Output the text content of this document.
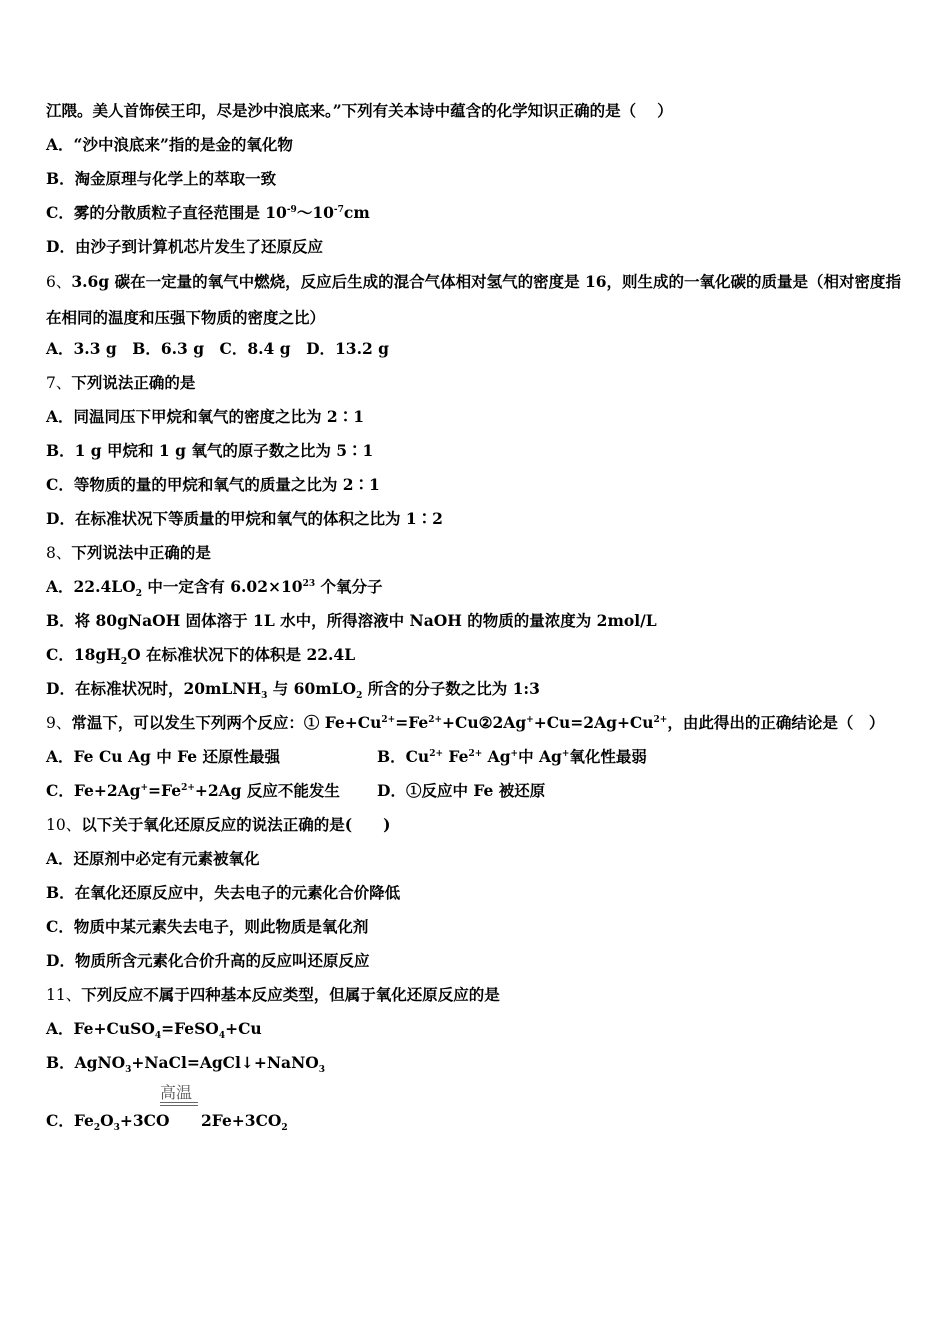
江隈。美人首饰侯王印，尽是沙中浪底来。”下列有关本诗中蕴含的化学知识正确的是（　 ）
A．“沙中浪底来”指的是金的氧化物
B．淘金原理与化学上的萃取一致
C．雾的分散质粒子直径范围是 $10^{-9}\sim 10^{-7}cm$
D．由沙子到计算机芯片发生了还原反应
6、3.6g 碳在一定量的氧气中燃烧，反应后生成的混合气体相对氢气的密度是 16，则生成的一氧化碳的质量是（相对密度指在相同的温度和压强下物质的密度之比）
A．3.3 g　B．6.3 g　C．8.4 g　D．13.2 g
7、下列说法正确的是
A．同温同压下甲烷和氧气的密度之比为 2∶1
B．1 g 甲烷和 1 g 氧气的原子数之比为 5∶1
C．等物质的量的甲烷和氧气的质量之比为 2∶1
D．在标准状况下等质量的甲烷和氧气的体积之比为 1∶2
8、下列说法中正确的是
A．$22.4LO_2$ 中一定含有 $6.02\times 10^{23}$ 个氧分子
B．将 80gNaOH 固体溶于 1L 水中，所得溶液中 NaOH 的物质的量浓度为 2mol/L
C．$18gH_2O$ 在标准状况下的体积是 22.4L
D．在标准状况时，20mLNH$_3$ 与 60mLO$_2$ 所含的分子数之比为 1:3
9、常温下，可以发生下列两个反应：① $Fe+Cu^{2+}=Fe^{2+}+Cu②2Ag^++Cu=2Ag+Cu^{2+}$，由此得出的正确结论是（　）
A．Fe Cu Ag 中 Fe 还原性最强	B．$Cu^{2+}$ $Fe^{2+}$ Ag+中 Ag+氧化性最弱
C．$Fe+2Ag^+=Fe^{2+}+2Ag$ 反应不能发生 D．①反应中 Fe 被还原
10、以下关于氧化还原反应的说法正确的是(　　)
A．还原剂中必定有元素被氧化
B．在氧化还原反应中，失去电子的元素化合价降低
C．物质中某元素失去电子，则此物质是氧化剂
D．物质所含元素化合价升高的反应叫还原反应
11、下列反应不属于四种基本反应类型，但属于氧化还原反应的是
A．Fe+CuSO$_4$=FeSO$_4$+Cu
B．AgNO$_3$+NaCl=AgCl↓+NaNO$_3$
高温
C．$Fe_2O_3+3CO$ $2Fe+3CO_2$
